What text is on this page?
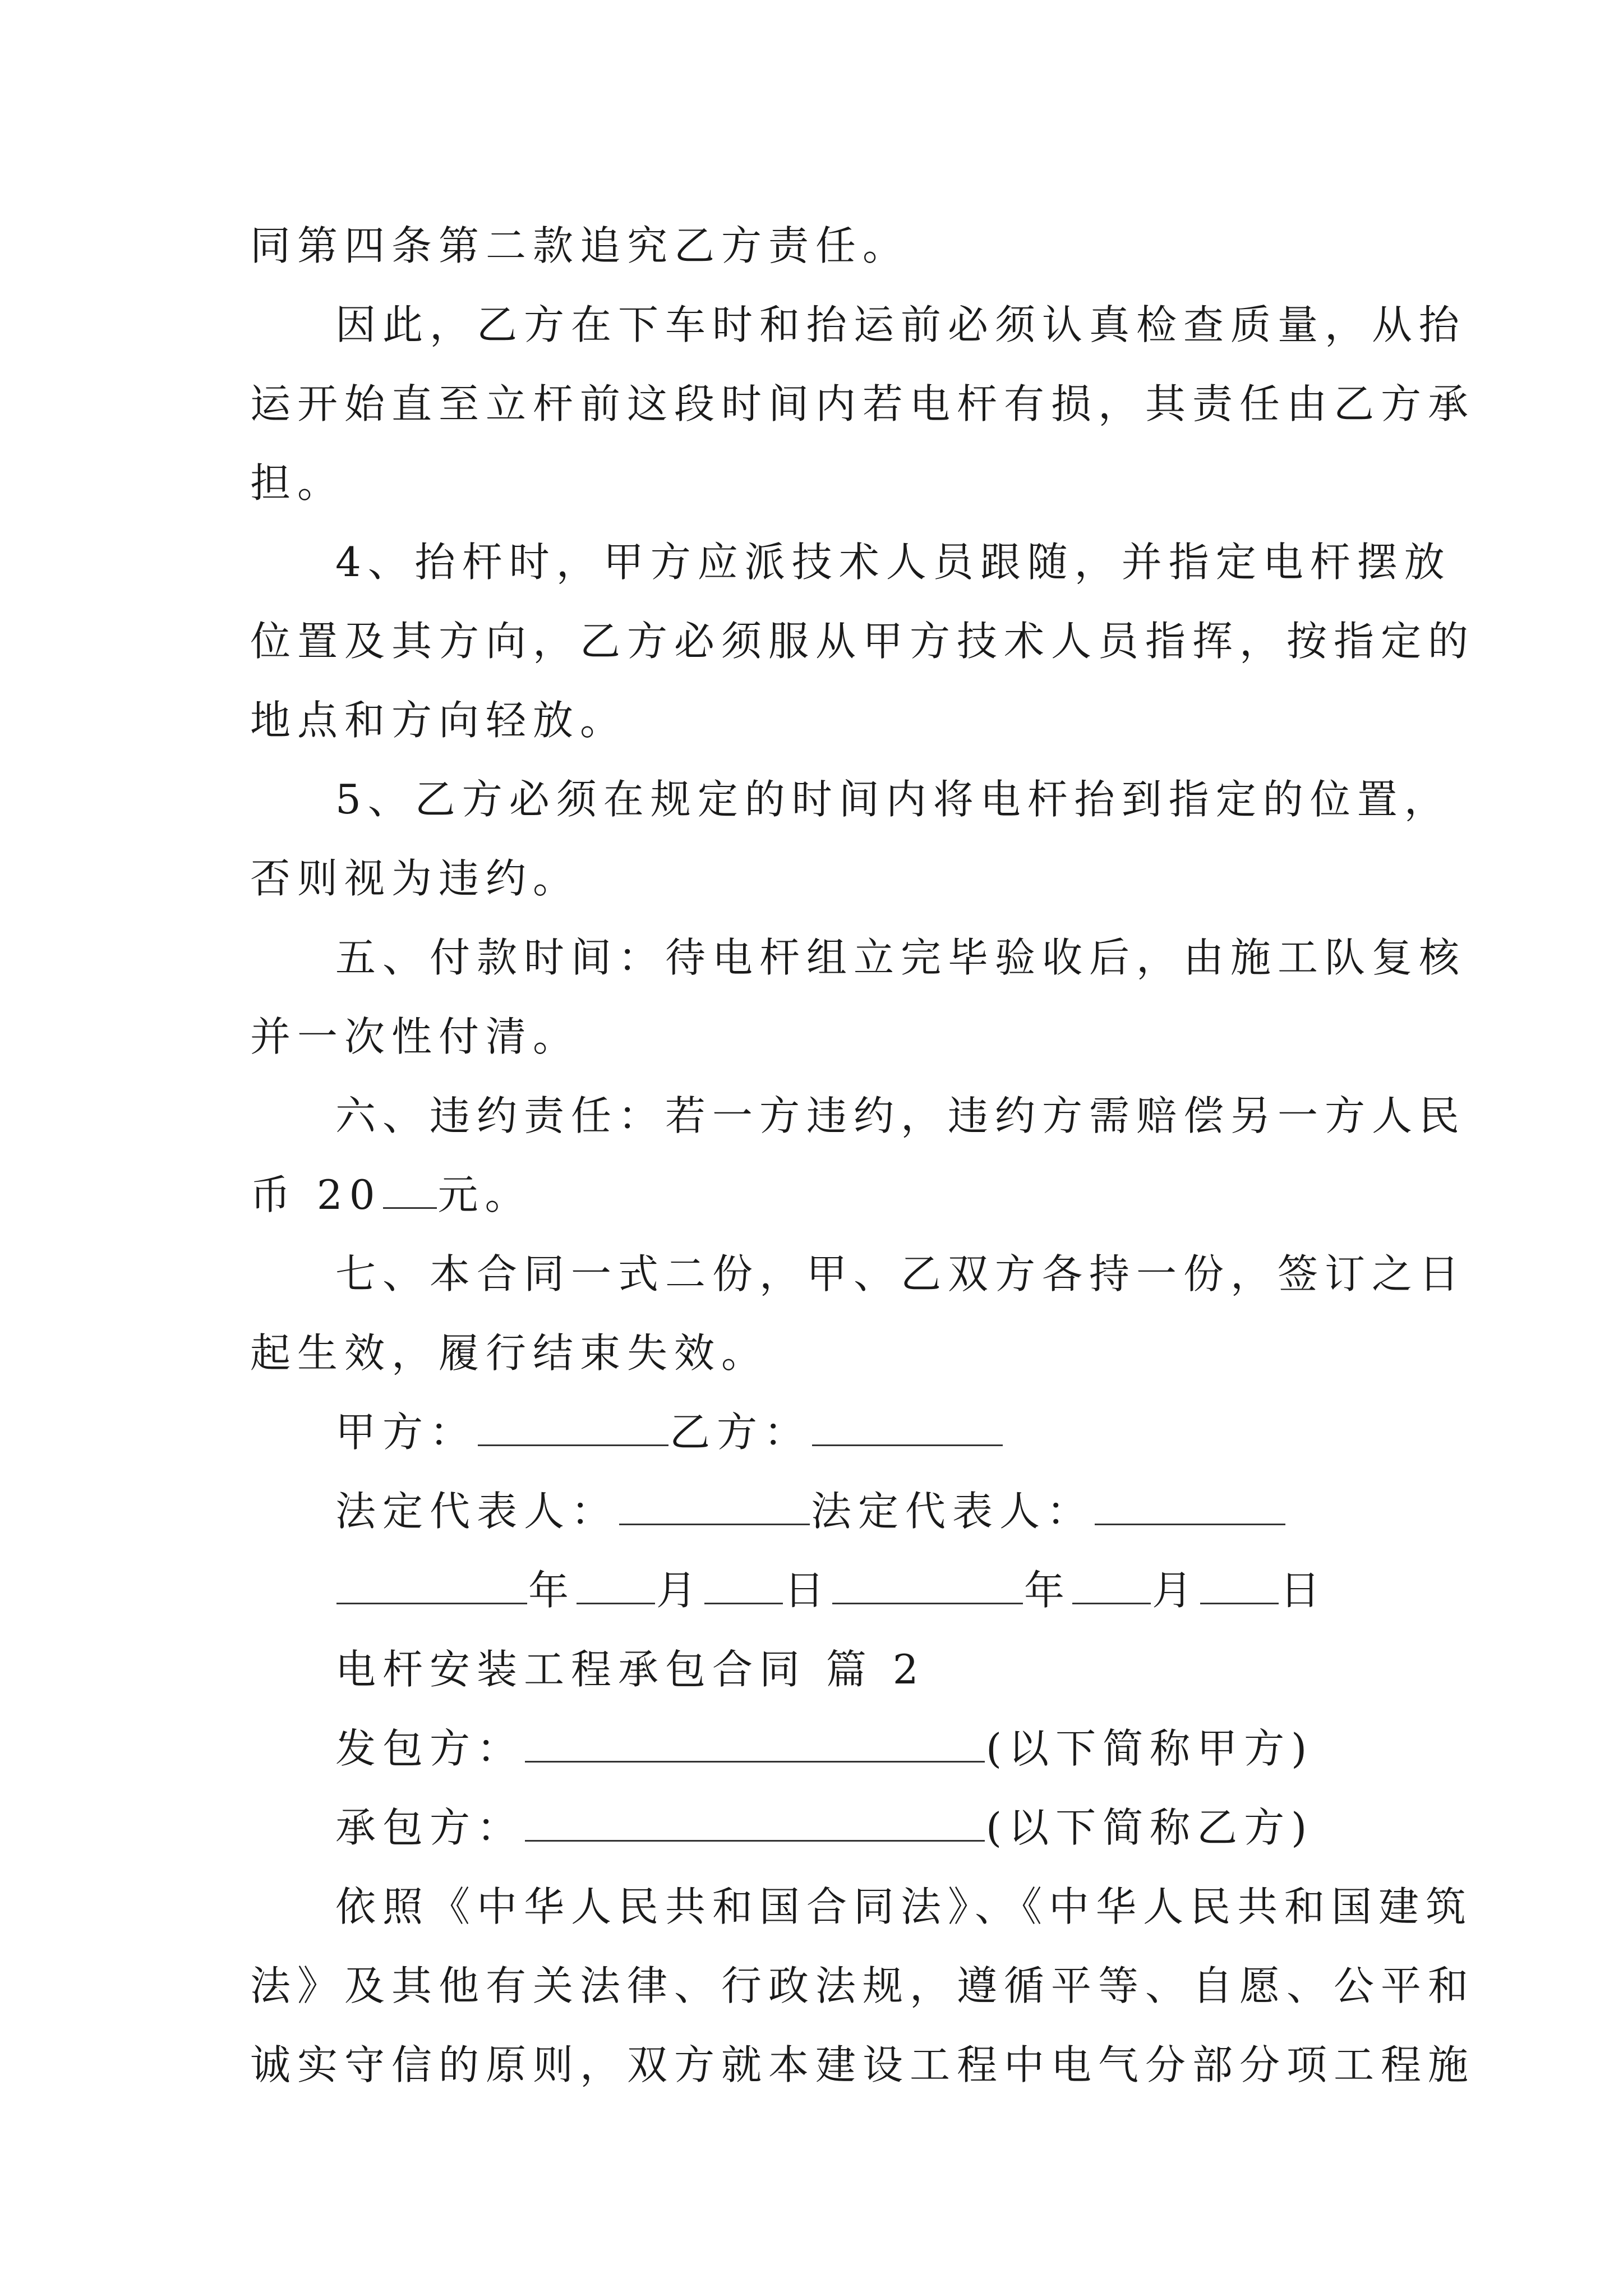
同第四条第二款追究乙方责任。
因此，乙方在下车时和抬运前必须认真检查质量，从抬
运开始直至立杆前这段时间内若电杆有损，其责任由乙方承
担。
4、抬杆时，甲方应派技术人员跟随，并指定电杆摆放
位置及其方向，乙方必须服从甲方技术人员指挥，按指定的
地点和方向轻放。
5、乙方必须在规定的时间内将电杆抬到指定的位置，
否则视为违约。
五、付款时间：待电杆组立完毕验收后，由施工队复核
并一次性付清。
六、违约责任：若一方违约，违约方需赔偿另一方人民
币 20 元。
七、本合同一式二份，甲、乙双方各持一份，签订之日
起生效，履行结束失效。
甲方：	乙方：
法定代表人：	法定代表人：
年 月 日	年 月 日
电杆安装工程承包合同 篇 2
发包方：	(以下简称甲方)
承包方：	(以下简称乙方)
依照《中华人民共和国合同法》、《中华人民共和国建筑
法》及其他有关法律、行政法规，遵循平等、自愿、公平和
诚实守信的原则，双方就本建设工程中电气分部分项工程施
